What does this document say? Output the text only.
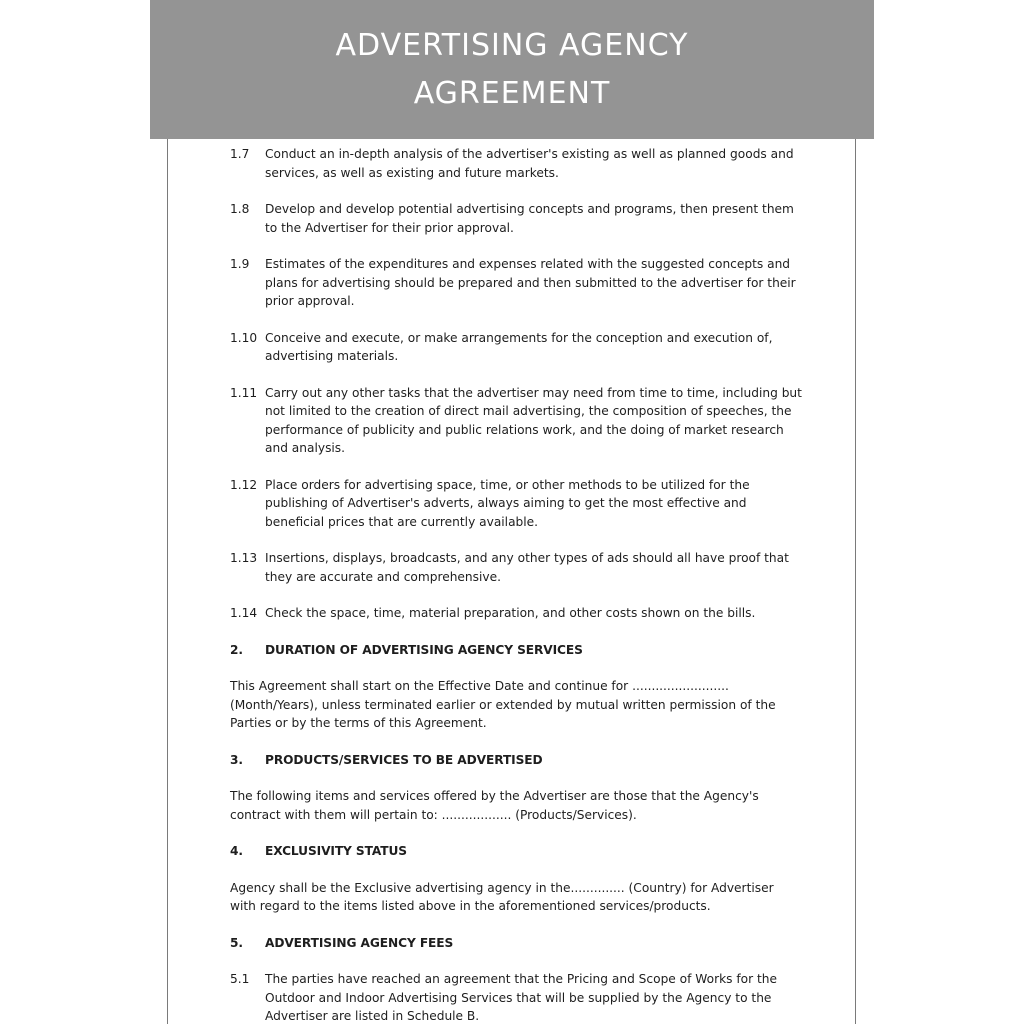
ADVERTISING AGENCY
AGREEMENT
1.7	Conduct an in-depth analysis of the advertiser's existing as well as planned goods and services, as well as existing and future markets.
1.8	Develop and develop potential advertising concepts and programs, then present them to the Advertiser for their prior approval.
1.9	Estimates of the expenditures and expenses related with the suggested concepts and plans for advertising should be prepared and then submitted to the advertiser for their prior approval.
1.10 Conceive and execute, or make arrangements for the conception and execution of, advertising materials.
1.11 Carry out any other tasks that the advertiser may need from time to time, including but not limited to the creation of direct mail advertising, the composition of speeches, the performance of publicity and public relations work, and the doing of market research and analysis.
1.12 Place orders for advertising space, time, or other methods to be utilized for the publishing of Advertiser's adverts, always aiming to get the most effective and beneficial prices that are currently available.
1.13 Insertions, displays, broadcasts, and any other types of ads should all have proof that they are accurate and comprehensive.
1.14 Check the space, time, material preparation, and other costs shown on the bills.
2.	DURATION OF ADVERTISING AGENCY SERVICES
This Agreement shall start on the Effective Date and continue for ......................... (Month/Years), unless terminated earlier or extended by mutual written permission of the Parties or by the terms of this Agreement.
3.	PRODUCTS/SERVICES TO BE ADVERTISED
The following items and services offered by the Advertiser are those that the Agency's contract with them will pertain to: .................. (Products/Services).
4.	EXCLUSIVITY STATUS
Agency shall be the Exclusive advertising agency in the.............. (Country) for Advertiser with regard to the items listed above in the aforementioned services/products.
5.	ADVERTISING AGENCY FEES
5.1	The parties have reached an agreement that the Pricing and Scope of Works for the Outdoor and Indoor Advertising Services that will be supplied by the Agency to the Advertiser are listed in Schedule B.
